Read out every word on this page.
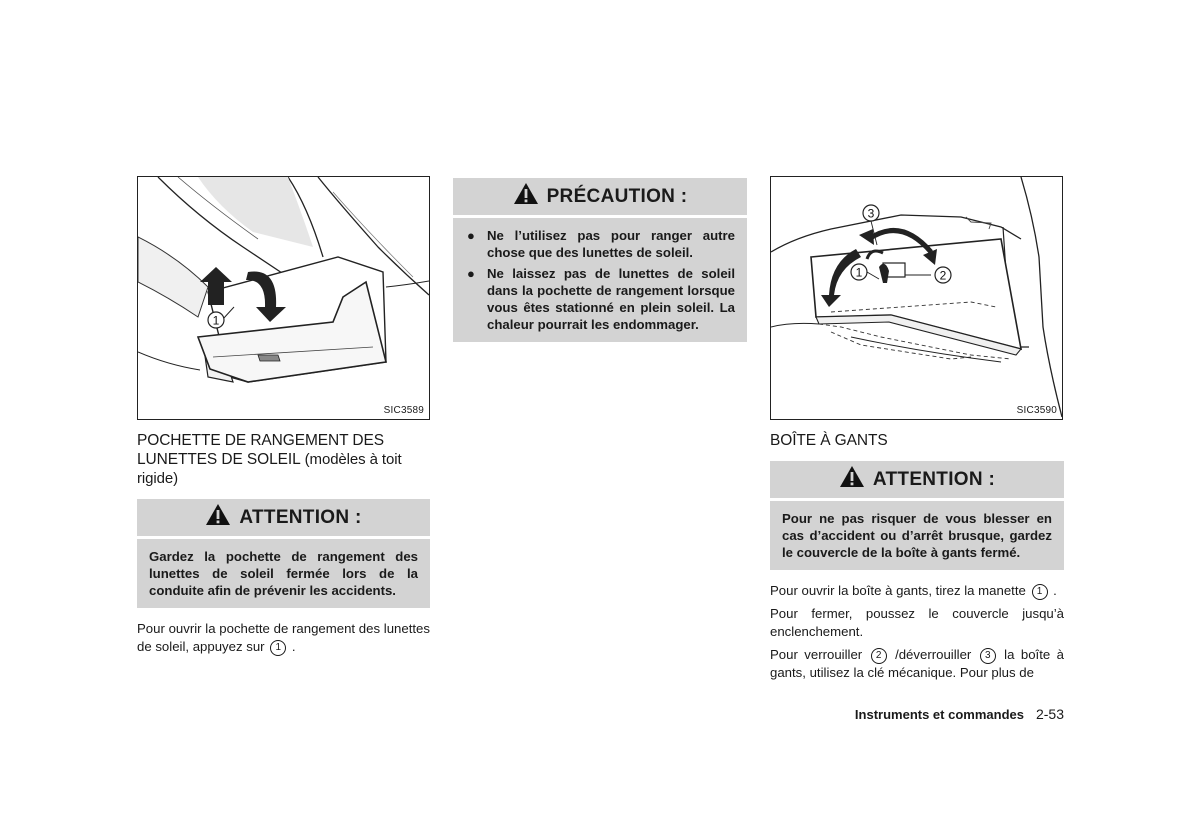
1
SIC3589
POCHETTE DE RANGEMENT DES LUNETTES DE SOLEIL (modèles à toit rigide)
ATTENTION :
Gardez la pochette de rangement des lunettes de soleil fermée lors de la conduite afin de prévenir les accidents.

Pour ouvrir la pochette de rangement des lunettes de soleil, appuyez sur 1 .

PRÉCAUTION :
● Ne l’utilisez pas pour ranger autre chose que des lunettes de soleil.
● Ne laissez pas de lunettes de soleil dans la pochette de rangement lorsque vous êtes stationné en plein soleil. La chaleur pourrait les endommager.
1	2
3
SIC3590
BOÎTE À GANTS
ATTENTION :
Pour ne pas risquer de vous blesser en cas d’accident ou d’arrêt brusque, gardez le couvercle de la boîte à gants fermé.

Pour ouvrir la boîte à gants, tirez la manette 1 .

Pour fermer, poussez le couvercle jusqu’à enclenchement.

Pour verrouiller 2 /déverrouiller 3 la boîte à gants, utilisez la clé mécanique. Pour plus de

Instruments et commandes 2-53
